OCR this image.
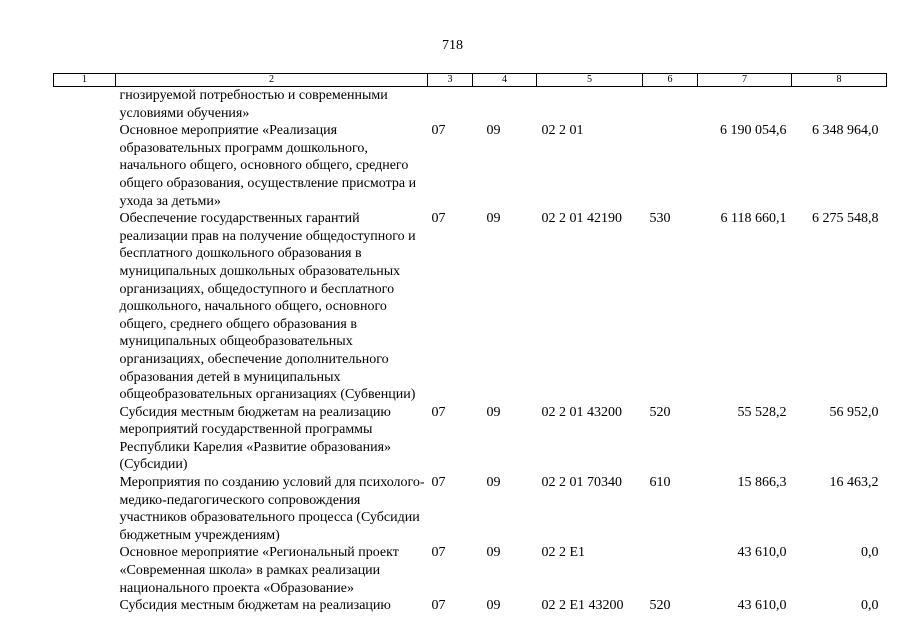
718
1	2	3	4	5	6	7	8
	гнозируемой потребностью и современными условиями обучения»						
	Основное мероприятие «Реализация образовательных программ дошкольного, начального общего, основного общего, среднего общего образования, осуществление присмотра и ухода за детьми»	07	09	02 2 01		6 190 054,6	6 348 964,0
	Обеспечение государственных гарантий реализации прав на получение общедоступного и бесплатного дошкольного образования в муниципальных дошкольных образовательных организациях, общедоступного и бесплатного дошкольного, начального общего, основного общего, среднего общего образования в муниципальных общеобразовательных организациях, обеспечение дополнительного образования детей в муниципальных общеобразовательных организациях (Субвенции)	07	09	02 2 01 42190	530	6 118 660,1	6 275 548,8
	Субсидия местным бюджетам на реализацию мероприятий государственной программы Республики Карелия «Развитие образования» (Субсидии)	07	09	02 2 01 43200	520	55 528,2	56 952,0
	Мероприятия по созданию условий для психолого-медико-педагогического сопровождения участников образовательного процесса (Субсидии бюджетным учреждениям)	07	09	02 2 01 70340	610	15 866,3	16 463,2
	Основное мероприятие «Региональный проект «Современная школа» в рамках реализации национального проекта «Образование»	07	09	02 2 E1		43 610,0	0,0
	Субсидия местным бюджетам на реализацию	07	09	02 2 E1 43200	520	43 610,0	0,0
